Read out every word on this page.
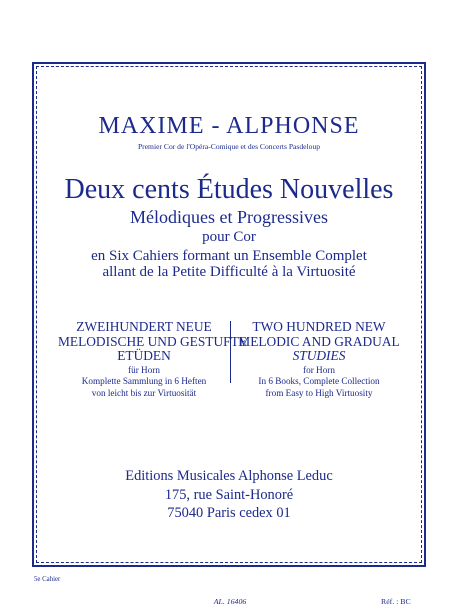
MAXIME - ALPHONSE
Premier Cor de l'Opéra-Comique et des Concerts Pasdeloup
Deux cents Études Nouvelles
Mélodiques et Progressives
pour Cor
en Six Cahiers formant un Ensemble Complet
allant de la Petite Difficulté à la Virtuosité
ZWEIHUNDERT NEUE
MELODISCHE UND GESTUFTE
ETÜDEN
für Horn
Komplette Sammlung in 6 Heften
von leicht bis zur Virtuosität
TWO HUNDRED NEW
MELODIC AND GRADUAL
STUDIES
for Horn
In 6 Books, Complete Collection
from Easy to High Virtuosity
Editions Musicales Alphonse Leduc
175, rue Saint-Honoré
75040 Paris cedex 01
5e Cahier
AL. 16406	Réf. : BC
